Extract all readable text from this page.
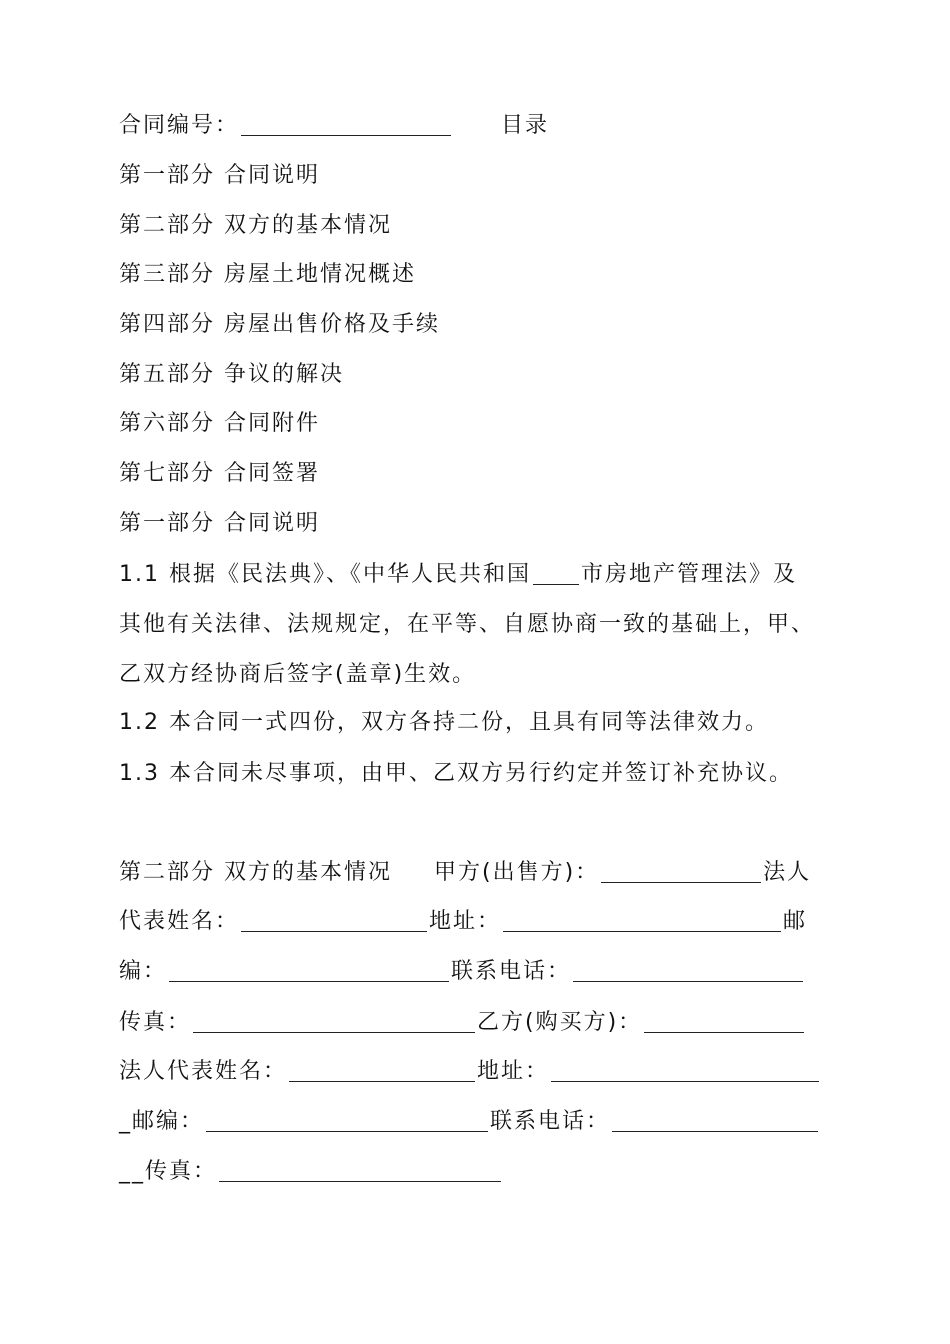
合同编号：	目录
第一部分 合同说明
第二部分 双方的基本情况
第三部分 房屋土地情况概述
第四部分 房屋出售价格及手续
第五部分 争议的解决
第六部分 合同附件
第七部分 合同签署
第一部分 合同说明
1.1 根据《民法典》、《中华人民共和国 市房地产管理法》及
其他有关法律、法规规定，在平等、自愿协商一致的基础上，甲、
乙双方经协商后签字(盖章)生效。
1.2 本合同一式四份，双方各持二份，且具有同等法律效力。
1.3 本合同未尽事项，由甲、乙双方另行约定并签订补充协议。
第二部分 双方的基本情况 甲方(出售方)：	法人
代表姓名：	地址：	邮
编：	联系电话：
传真：	乙方(购买方)：
法人代表姓名：	地址：
_邮编：	联系电话：
__传真：
